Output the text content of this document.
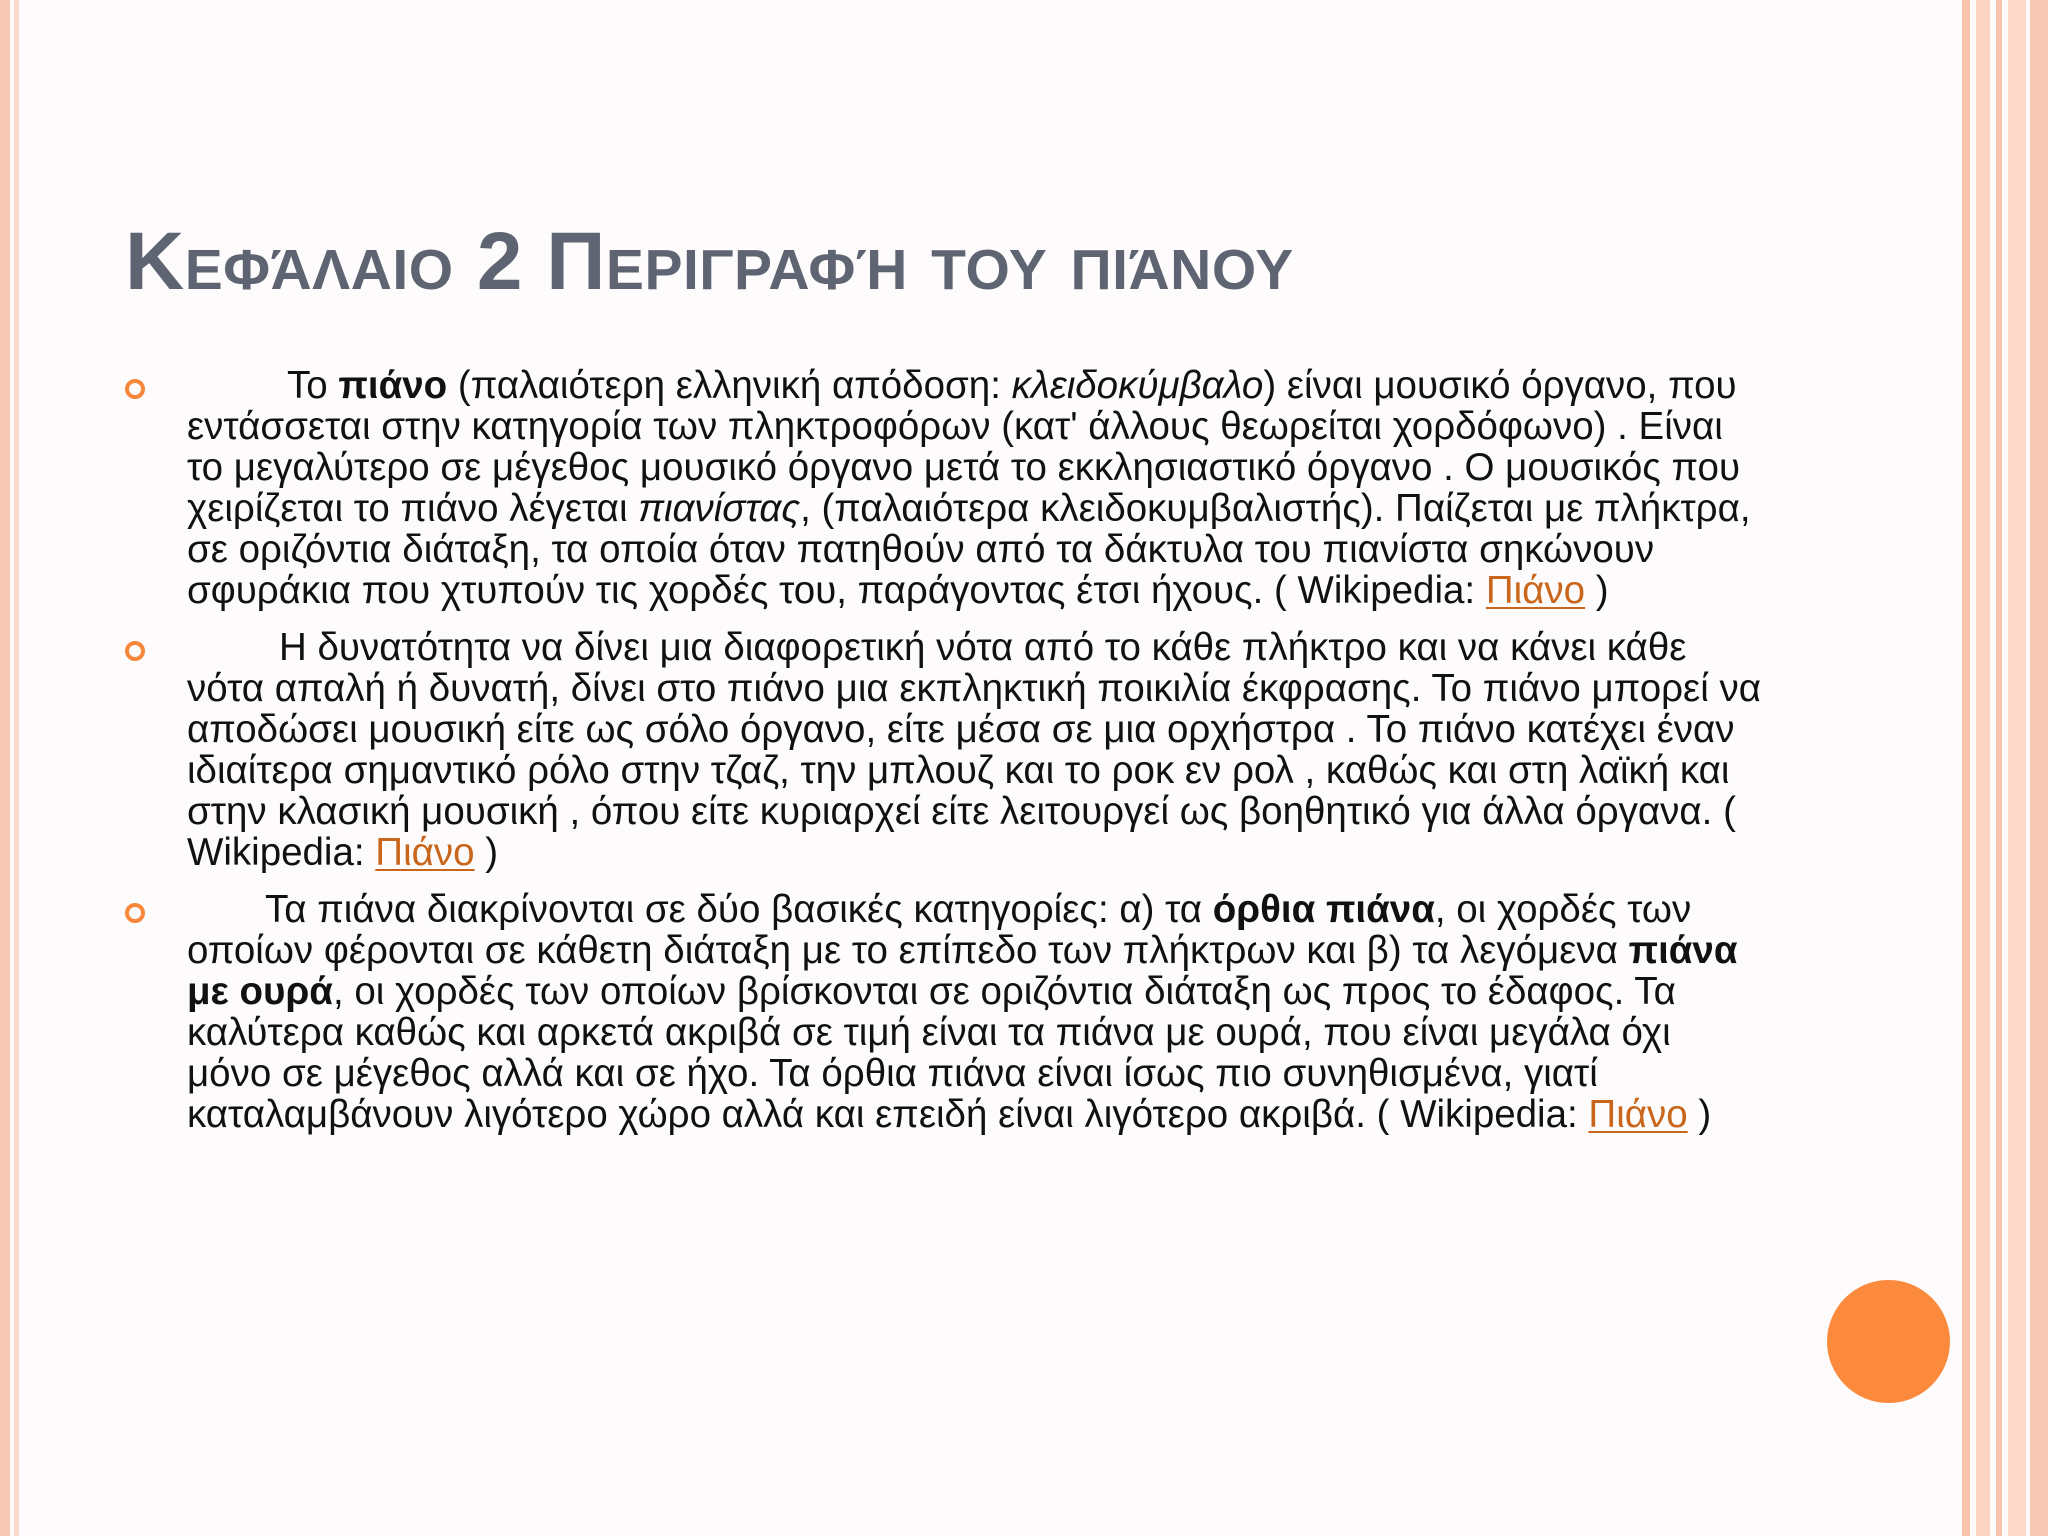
Κεφάλαιο 2 Περιγραφή του πιάνου
Το πιάνο (παλαιότερη ελληνική απόδοση: κλειδοκύμβαλο) είναι μουσικό όργανο, που εντάσσεται στην κατηγορία των πληκτροφόρων (κατ' άλλους θεωρείται χορδόφωνο) . Είναι το μεγαλύτερο σε μέγεθος μουσικό όργανο μετά το εκκλησιαστικό όργανο . Ο μουσικός που χειρίζεται το πιάνο λέγεται πιανίστας, (παλαιότερα κλειδοκυμβαλιστής). Παίζεται με πλήκτρα, σε οριζόντια διάταξη, τα οποία όταν πατηθούν από τα δάκτυλα του πιανίστα σηκώνουν σφυράκια που χτυπούν τις χορδές του, παράγοντας έτσι ήχους. ( Wikipedia: Πιάνο )
Η δυνατότητα να δίνει μια διαφορετική νότα από το κάθε πλήκτρο και να κάνει κάθε νότα απαλή ή δυνατή, δίνει στο πιάνο μια εκπληκτική ποικιλία έκφρασης. Το πιάνο μπορεί να αποδώσει μουσική είτε ως σόλο όργανο, είτε μέσα σε μια ορχήστρα . Το πιάνο κατέχει έναν ιδιαίτερα σημαντικό ρόλο στην τζαζ, την μπλουζ και το ροκ εν ρολ , καθώς και στη λαϊκή και στην κλασική μουσική , όπου είτε κυριαρχεί είτε λειτουργεί ως βοηθητικό για άλλα όργανα. ( Wikipedia: Πιάνο )
Τα πιάνα διακρίνονται σε δύο βασικές κατηγορίες: α) τα όρθια πιάνα, οι χορδές των οποίων φέρονται σε κάθετη διάταξη με το επίπεδο των πλήκτρων και β) τα λεγόμενα πιάνα με ουρά, οι χορδές των οποίων βρίσκονται σε οριζόντια διάταξη ως προς το έδαφος. Τα καλύτερα καθώς και αρκετά ακριβά σε τιμή είναι τα πιάνα με ουρά, που είναι μεγάλα όχι μόνο σε μέγεθος αλλά και σε ήχο. Τα όρθια πιάνα είναι ίσως πιο συνηθισμένα, γιατί καταλαμβάνουν λιγότερο χώρο αλλά και επειδή είναι λιγότερο ακριβά. ( Wikipedia: Πιάνο )
